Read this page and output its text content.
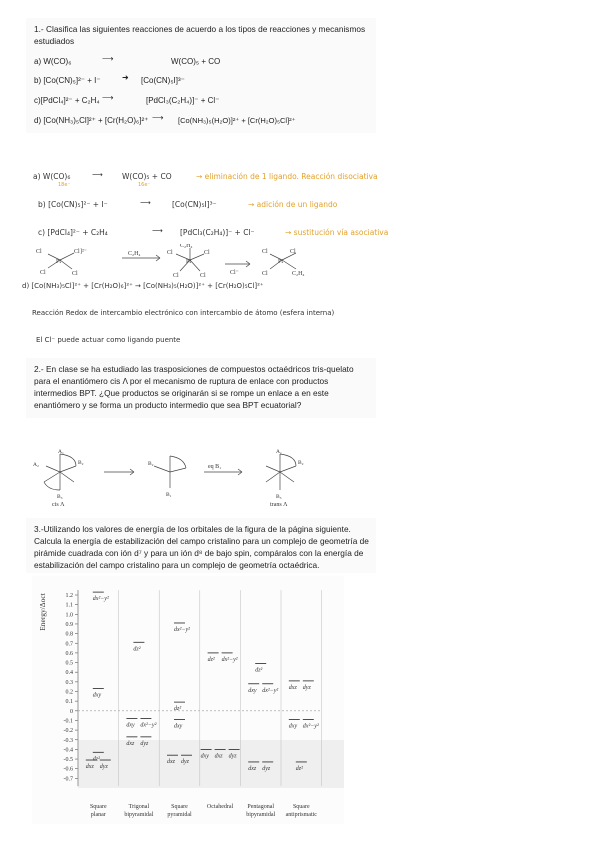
1.- Clasifica las siguientes reacciones de acuerdo a los tipos de reacciones y mecanismos estudiados
a) W(CO)₆	⟶	W(CO)₅ + CO
b) [Co(CN)₅]²⁻ + I⁻	➜ [Co(CN)₅I]³⁻
c)[PdCl₄]²⁻ + C₂H₄ ⟶	[PdCl₃(C₂H₄)]⁻ + Cl⁻
d) [Co(NH₃)₅Cl]²⁺ + [Cr(H₂O)₆]²⁺ ⟶ [Co(NH₃)₅(H₂O)]²⁺ + [Cr(H₂O)₅Cl]²⁺
a) W(CO)₆
18e⁻
⟶	W(CO)₅ + CO
16e⁻
→ eliminación de 1 ligando. Reacción disociativa
b) [Co(CN)₅]²⁻ + I⁻	⟶	[Co(CN)₅I]³⁻	→ adición de un ligando
c) [PdCl₄]²⁻ + C₂H₄	⟶ [PdCl₃(C₂H₄)]⁻ + Cl⁻	→ sustitución vía asociativa
Cl	Cl ]²⁻
Pt
Cl	Cl
C₂H₄
C₂H₄
Pt
Cl	Cl
Cl	Cl	Cl⁻
Cl
Pt
Cl
Cl	C₂H₄
d) [Co(NH₃)₅Cl]²⁺ + [Cr(H₂O)₆]²⁺ → [Co(NH₃)₅(H₂O)]²⁺ + [Cr(H₂O)₅Cl]²⁺
Reacción Redox de intercambio electrónico con intercambio de átomo (esfera interna)
El Cl⁻ puede actuar como ligando puente
2.- En clase se ha estudiado las trasposiciones de compuestos octaédricos tris-quelato para el enantiómero cis Λ por el mecanismo de ruptura de enlace con productos intermedios BPT. ¿Que productos se originarán si se rompe un enlace a en este enantiómero y se forma un producto intermedio que sea BPT ecuatorial?
A₁
A₂	B₂
B₃
B₂
B₁
A₁
B₂
B₃
eq B₁
cis Λ	trans Λ
3.-Utilizando los valores de energía de los orbitales de la figura de la página siguiente. Calcula la energía de estabilización del campo cristalino para un complejo de geometría de pirámide cuadrada con ión d⁷ y para un ión d⁸ de bajo spin, compáralos con la energía de estabilización del campo cristalino para un complejo de geometría octaédrica.
Energy/Δoct	1.2
1.1
1.0
0.9
0.8
0.7
0.6
0.5
0.4
0.3
0.2
0.1
0
-0.1
-0.2
-0.3
-0.4
-0.5
-0.6
-0.7
dx²−y²
dxy
dz²
dxz dyz
dz²
dxy dx²−y²
dxz dyz
dx²−y²
dz²
dxy
dxz dyz
dz² dx²−y²
dxy dxz dyz
dz²
dxy dx²−y²
dxz dyz
dxz dyz
dxy dx²−y²
dz²
Square
planar
Trigonal
bipyramidal
Square
pyramidal
Octahedral Pentagonal
bipyramidal
Square
antiprismatic
